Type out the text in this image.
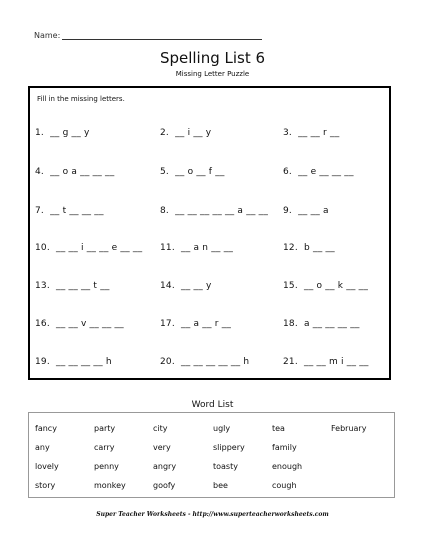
Name:
Spelling List 6
Missing Letter Puzzle
Fill in the missing letters.
1.  __ g __ y	2.  __ i __ y	3.  __ __ r __
4.  __ o a __ __ __	5.  __ o __ f __	6.  __ e __ __ __
7.  __ t __ __ __	8.  __ __ __ __ __ a __ __ 9.  __ __ a
10.  __ __ i __ __ e __ __ 11.  __ a n __ __	12.  b __ __
13.  __ __ __ t __	14.  __ __ y	15.  __ o __ k __ __
16.  __ __ v __ __ __	17.  __ a __ r __	18.  a __ __ __ __
19.  __ __ __ __ h	20.  __ __ __ __ __ h	21.  __ __ m i __ __
Word List
fancy	party	city	ugly	tea	February
any	carry	very	slippery	family
lovely	penny	angry	toasty	enough
story	monkey	goofy	bee	cough
Super Teacher Worksheets - http://www.superteacherworksheets.com
